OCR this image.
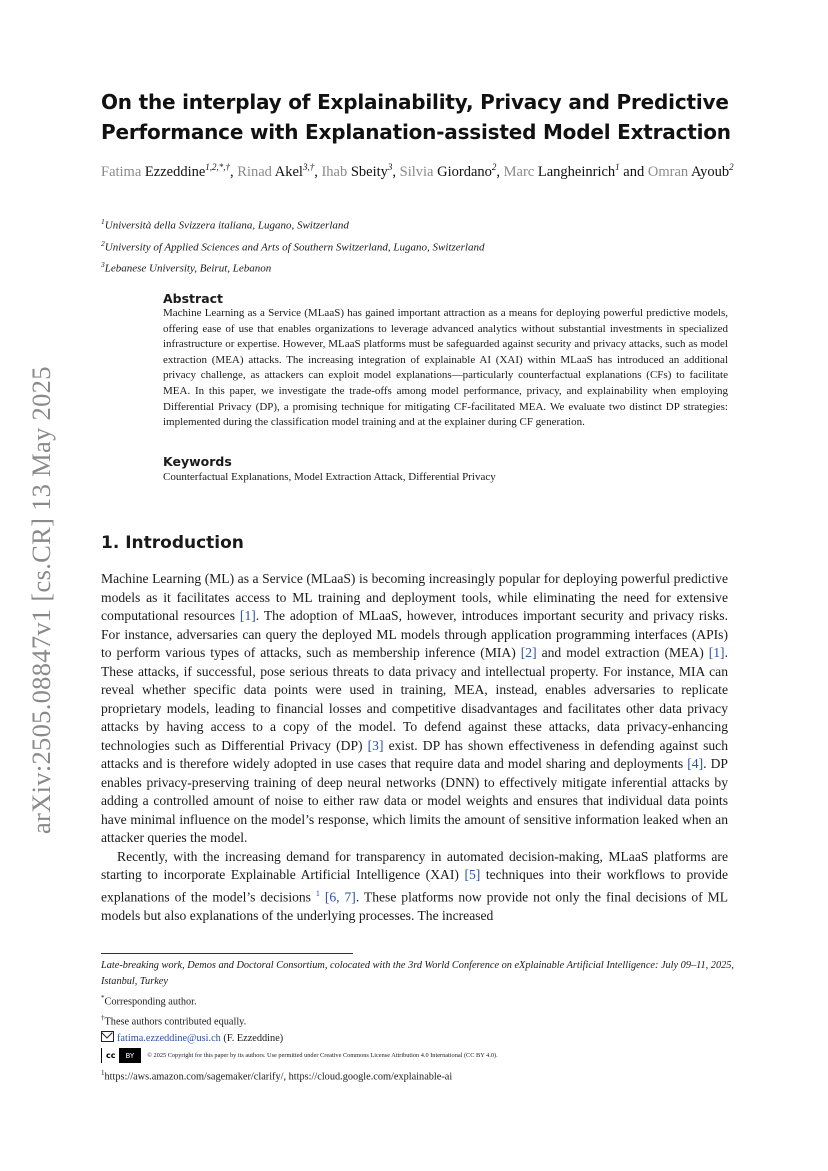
arXiv:2505.08847v1 [cs.CR] 13 May 2025
On the interplay of Explainability, Privacy and Predictive Performance with Explanation-assisted Model Extraction
Fatima Ezzeddine$^{1,2,*,\dagger}$, Rinad Akel$^{3,\dagger}$, Ihab Sbeity$^3$, Silvia Giordano$^2$, Marc Langheinrich$^1$ and Omran Ayoub$^2$
$^1$Università della Svizzera italiana, Lugano, Switzerland
$^2$University of Applied Sciences and Arts of Southern Switzerland, Lugano, Switzerland
$^3$Lebanese University, Beirut, Lebanon
Abstract
Machine Learning as a Service (MLaaS) has gained important attraction as a means for deploying powerful predictive models, offering ease of use that enables organizations to leverage advanced analytics without substantial investments in specialized infrastructure or expertise. However, MLaaS platforms must be safeguarded against security and privacy attacks, such as model extraction (MEA) attacks. The increasing integration of explainable AI (XAI) within MLaaS has introduced an additional privacy challenge, as attackers can exploit model explanations—particularly counterfactual explanations (CFs) to facilitate MEA. In this paper, we investigate the trade-offs among model performance, privacy, and explainability when employing Differential Privacy (DP), a promising technique for mitigating CF-facilitated MEA. We evaluate two distinct DP strategies: implemented during the classification model training and at the explainer during CF generation.
Keywords
Counterfactual Explanations, Model Extraction Attack, Differential Privacy
1. Introduction

Machine Learning (ML) as a Service (MLaaS) is becoming increasingly popular for deploying powerful predictive models as it facilitates access to ML training and deployment tools, while eliminating the need for extensive computational resources [1]. The adoption of MLaaS, however, introduces important security and privacy risks. For instance, adversaries can query the deployed ML models through application programming interfaces (APIs) to perform various types of attacks, such as membership inference (MIA) [2] and model extraction (MEA) [1]. These attacks, if successful, pose serious threats to data privacy and intellectual property. For instance, MIA can reveal whether specific data points were used in training, MEA, instead, enables adversaries to replicate proprietary models, leading to financial losses and competitive disadvantages and facilitates other data privacy attacks by having access to a copy of the model. To defend against these attacks, data privacy-enhancing technologies such as Differential Privacy (DP) [3] exist. DP has shown effectiveness in defending against such attacks and is therefore widely adopted in use cases that require data and model sharing and deployments [4]. DP enables privacy-preserving training of deep neural networks (DNN) to effectively mitigate inferential attacks by adding a controlled amount of noise to either raw data or model weights and ensures that individual data points have minimal influence on the model’s response, which limits the amount of sensitive information leaked when an attacker queries the model.

Recently, with the increasing demand for transparency in automated decision-making, MLaaS platforms are starting to incorporate Explainable Artificial Intelligence (XAI) [5] techniques into their workflows to provide explanations of the model’s decisions $^1$ [6, 7]. These platforms now provide not only the final decisions of ML models but also explanations of the underlying processes. The increased

Late-breaking work, Demos and Doctoral Consortium, colocated with the 3rd World Conference on eXplainable Artificial Intelligence: July 09–11, 2025, Istanbul, Turkey
*Corresponding author.
†These authors contributed equally.
fatima.ezzeddine@usi.ch (F. Ezzeddine)
cc	BY	© 2025 Copyright for this paper by its authors. Use permitted under Creative Commons License Attribution 4.0 International (CC BY 4.0).
$^1$https://aws.amazon.com/sagemaker/clarify/, https://cloud.google.com/explainable-ai
